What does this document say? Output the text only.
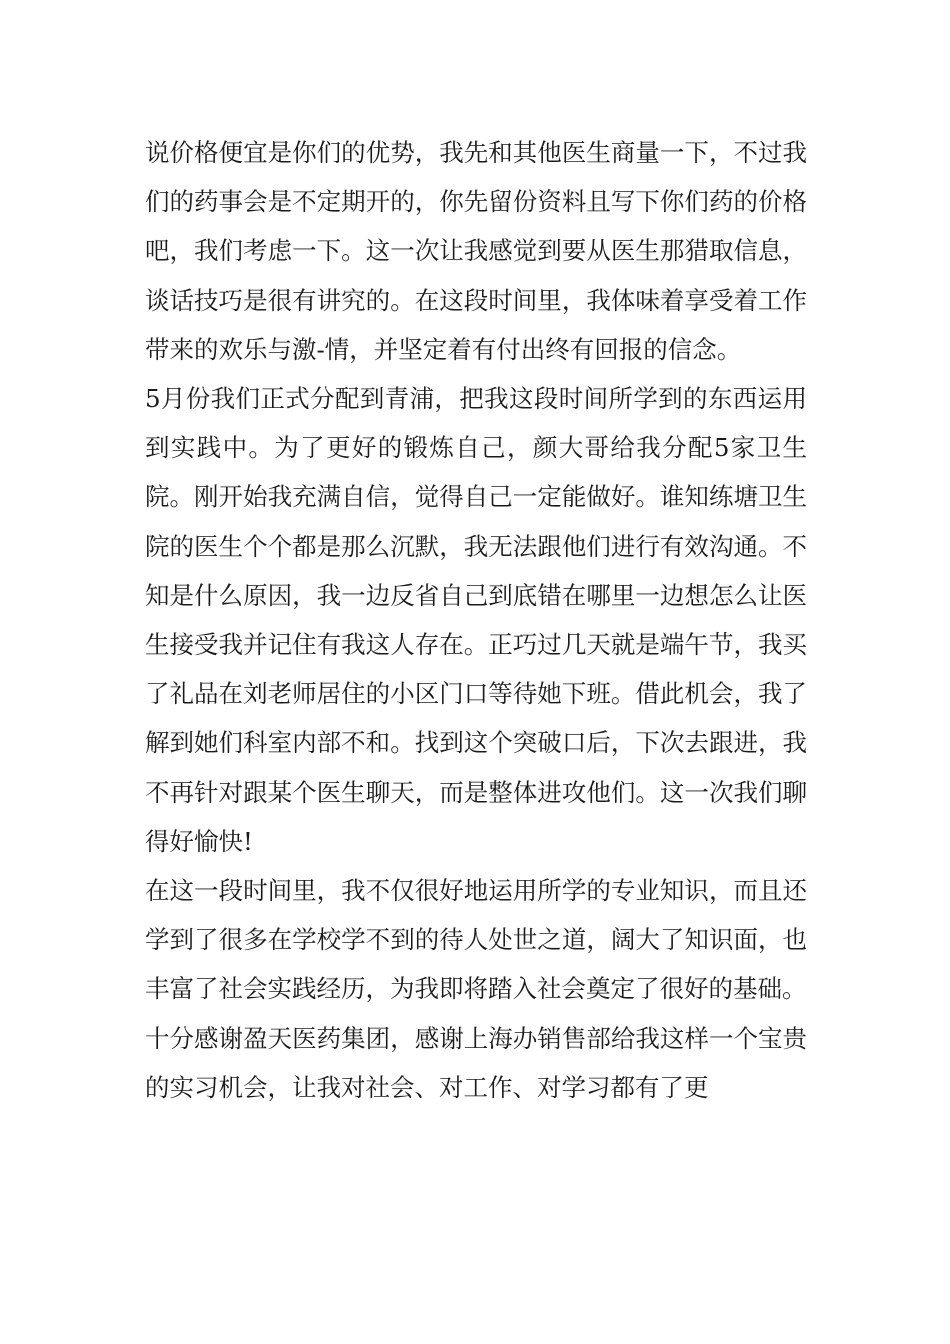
说价格便宜是你们的优势，我先和其他医生商量一下，不过我们的药事会是不定期开的，你先留份资料且写下你们药的价格吧，我们考虑一下。这一次让我感觉到要从医生那猎取信息，谈话技巧是很有讲究的。在这段时间里，我体味着享受着工作带来的欢乐与激-情，并坚定着有付出终有回报的信念。

5月份我们正式分配到青浦，把我这段时间所学到的东西运用到实践中。为了更好的锻炼自己，颜大哥给我分配5家卫生院。刚开始我充满自信，觉得自己一定能做好。谁知练塘卫生院的医生个个都是那么沉默，我无法跟他们进行有效沟通。不知是什么原因，我一边反省自己到底错在哪里一边想怎么让医生接受我并记住有我这人存在。正巧过几天就是端午节，我买了礼品在刘老师居住的小区门口等待她下班。借此机会，我了解到她们科室内部不和。找到这个突破口后，下次去跟进，我不再针对跟某个医生聊天，而是整体进攻他们。这一次我们聊得好愉快!

在这一段时间里，我不仅很好地运用所学的专业知识，而且还学到了很多在学校学不到的待人处世之道，阔大了知识面，也丰富了社会实践经历，为我即将踏入社会奠定了很好的基础。

十分感谢盈天医药集团，感谢上海办销售部给我这样一个宝贵的实习机会，让我对社会、对工作、对学习都有了更
